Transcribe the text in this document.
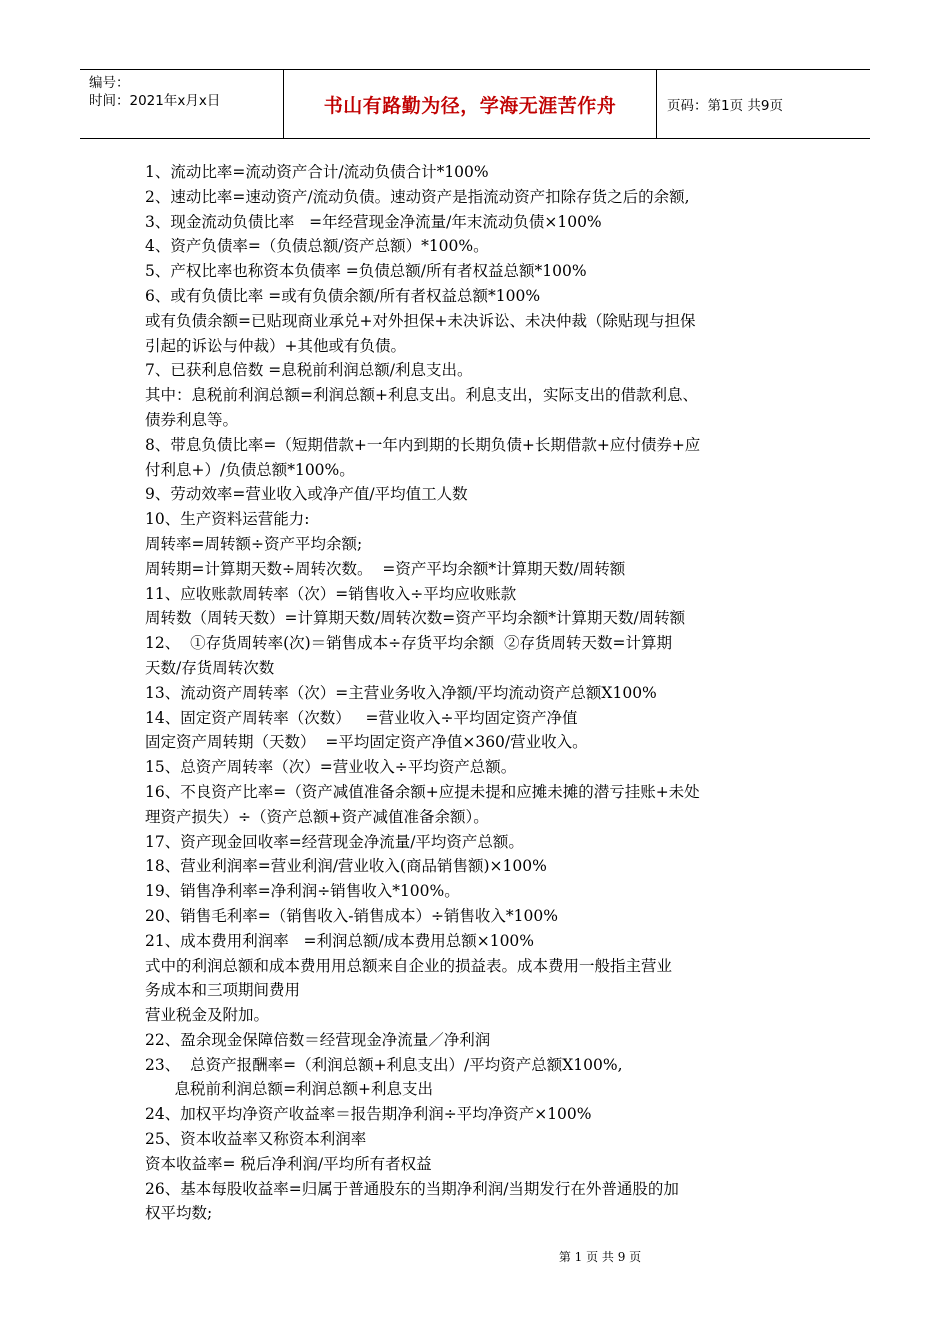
编号：
时间：2021年x月x日	书山有路勤为径，学海无涯苦作舟	页码：第1页 共9页
1、流动比率=流动资产合计/流动负债合计*100%
2、速动比率=速动资产/流动负债。速动资产是指流动资产扣除存货之后的余额,
3、现金流动负债比率   =年经营现金净流量/年末流动负债×100%
4、资产负债率=（负债总额/资产总额）*100%。
5、产权比率也称资本负债率 =负债总额/所有者权益总额*100%
6、或有负债比率 =或有负债余额/所有者权益总额*100%
或有负债余额=已贴现商业承兑+对外担保+未决诉讼、未决仲裁（除贴现与担保
引起的诉讼与仲裁）+其他或有负债。
7、已获利息倍数 =息税前利润总额/利息支出。
其中：息税前利润总额=利润总额+利息支出。利息支出，实际支出的借款利息、
债券利息等。
8、带息负债比率=（短期借款+一年内到期的长期负债+长期借款+应付债券+应
付利息+）/负债总额*100%。
9、劳动效率=营业收入或净产值/平均值工人数
10、生产资料运营能力:
周转率=周转额÷资产平均余额;
周转期=计算期天数÷周转次数。  =资产平均余额*计算期天数/周转额
11、应收账款周转率（次）=销售收入÷平均应收账款
周转数（周转天数）=计算期天数/周转次数=资产平均余额*计算期天数/周转额
12、  ①存货周转率(次)＝销售成本÷存货平均余额  ②存货周转天数=计算期
天数/存货周转次数
13、流动资产周转率（次）=主营业务收入净额/平均流动资产总额X100%
14、固定资产周转率（次数）   =营业收入÷平均固定资产净值
固定资产周转期（天数）  =平均固定资产净值×360/营业收入。
15、总资产周转率（次）=营业收入÷平均资产总额。
16、不良资产比率=（资产减值准备余额+应提未提和应摊未摊的潜亏挂账+未处
理资产损失）÷（资产总额+资产减值准备余额）。
17、资产现金回收率=经营现金净流量/平均资产总额。
18、营业利润率=营业利润/营业收入(商品销售额)×100%
19、销售净利率=净利润÷销售收入*100%。
20、销售毛利率=（销售收入-销售成本）÷销售收入*100%
21、成本费用利润率   =利润总额/成本费用总额×100%
式中的利润总额和成本费用用总额来自企业的损益表。成本费用一般指主营业
务成本和三项期间费用
营业税金及附加。
22、盈余现金保障倍数＝经营现金净流量／净利润
23、  总资产报酬率=（利润总额+利息支出）/平均资产总额X100%,
息税前利润总额=利润总额+利息支出
24、加权平均净资产收益率＝报告期净利润÷平均净资产×100%
25、资本收益率又称资本利润率
资本收益率= 税后净利润/平均所有者权益
26、基本每股收益率=归属于普通股东的当期净利润/当期发行在外普通股的加
权平均数;
第 1 页 共 9 页
